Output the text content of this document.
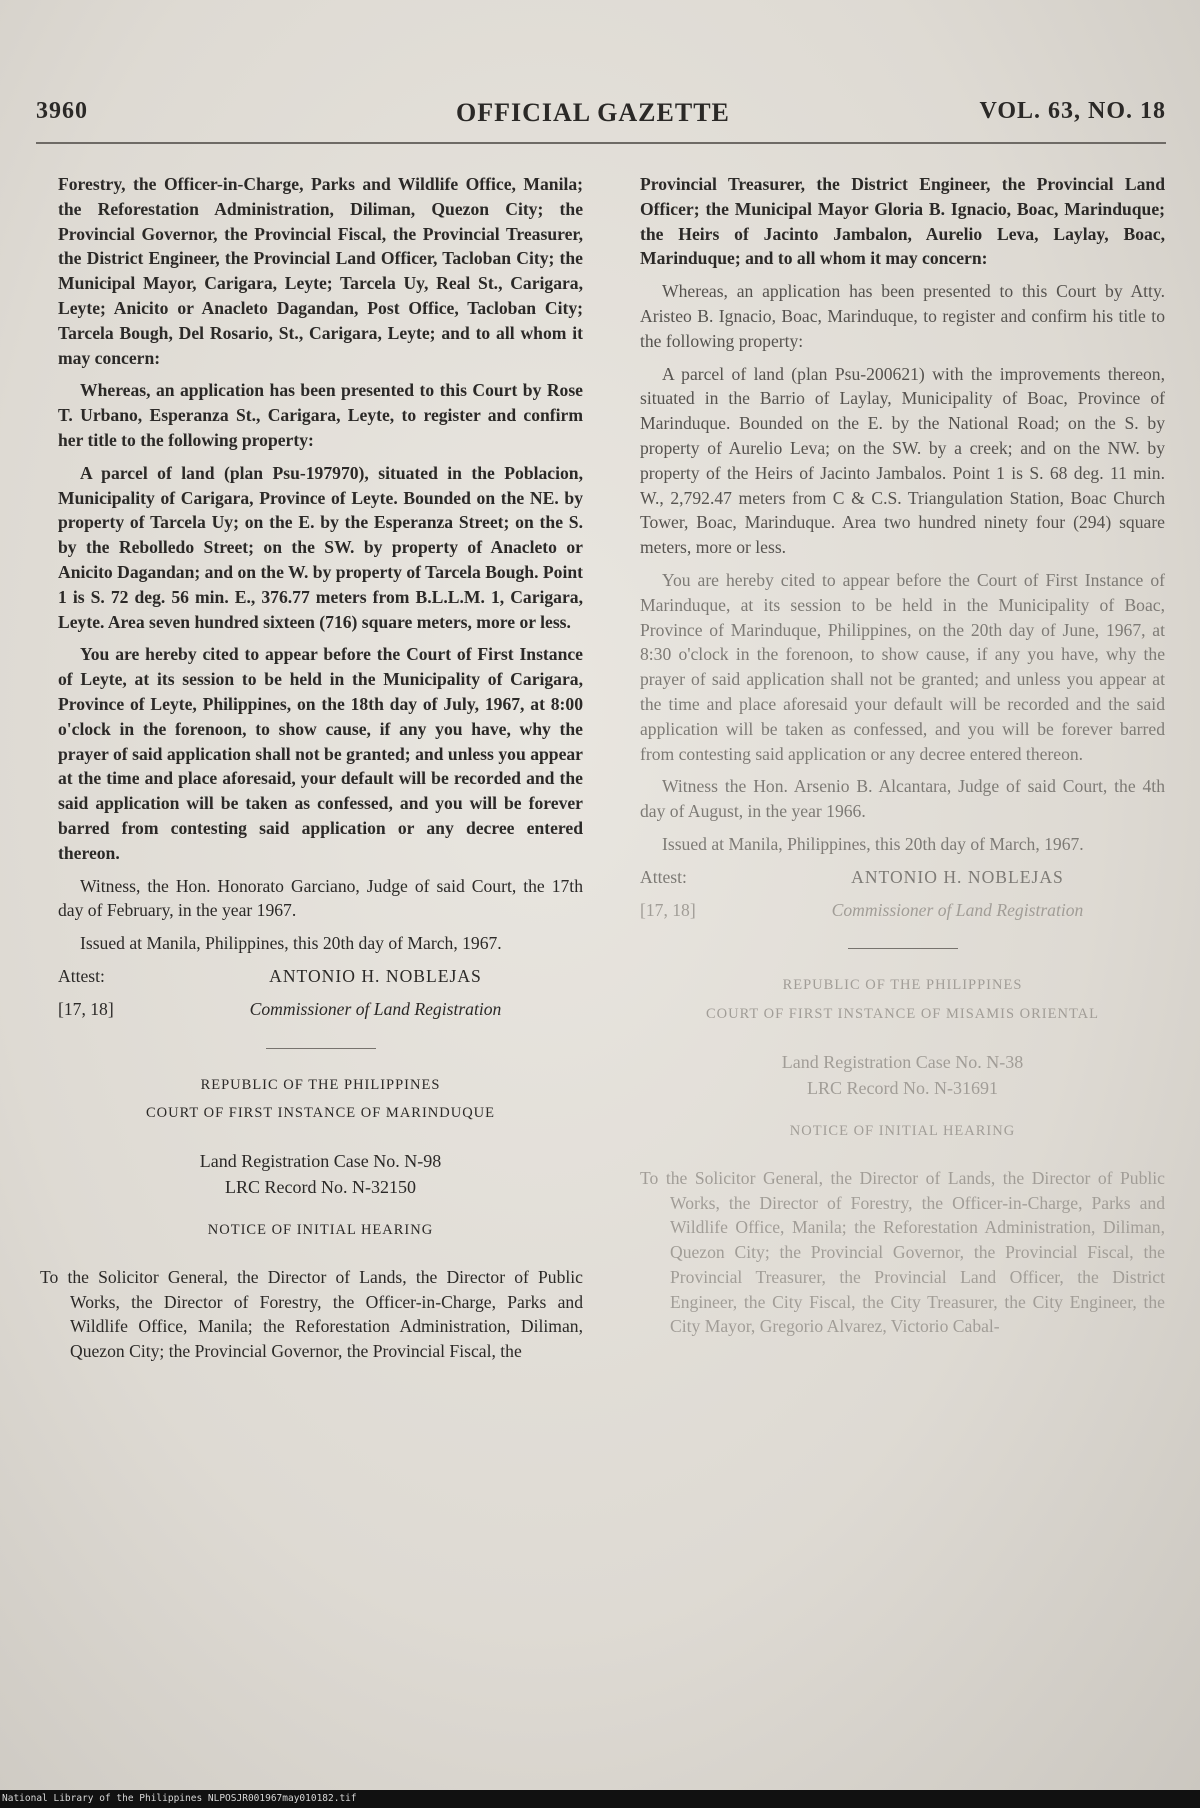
3960	OFFICIAL GAZETTE	VOL. 63, NO. 18

Forestry, the Officer-in-Charge, Parks and Wildlife Office, Manila; the Reforestation Administration, Diliman, Quezon City; the Provincial Governor, the Provincial Fiscal, the Provincial Treasurer, the District Engineer, the Provincial Land Officer, Tacloban City; the Municipal Mayor, Carigara, Leyte; Tarcela Uy, Real St., Carigara, Leyte; Anicito or Anacleto Dagandan, Post Office, Tacloban City; Tarcela Bough, Del Rosario, St., Carigara, Leyte; and to all whom it may concern:

Whereas, an application has been presented to this Court by Rose T. Urbano, Esperanza St., Carigara, Leyte, to register and confirm her title to the following property:

A parcel of land (plan Psu-197970), situated in the Poblacion, Municipality of Carigara, Province of Leyte. Bounded on the NE. by property of Tarcela Uy; on the E. by the Esperanza Street; on the S. by the Rebolledo Street; on the SW. by property of Anacleto or Anicito Dagandan; and on the W. by property of Tarcela Bough. Point 1 is S. 72 deg. 56 min. E., 376.77 meters from B.L.L.M. 1, Carigara, Leyte. Area seven hundred sixteen (716) square meters, more or less.

You are hereby cited to appear before the Court of First Instance of Leyte, at its session to be held in the Municipality of Carigara, Province of Leyte, Philippines, on the 18th day of July, 1967, at 8:00 o'clock in the forenoon, to show cause, if any you have, why the prayer of said application shall not be granted; and unless you appear at the time and place aforesaid, your default will be recorded and the said application will be taken as confessed, and you will be forever barred from contesting said application or any decree entered thereon.

Witness, the Hon. Honorato Garciano, Judge of said Court, the 17th day of February, in the year 1967.

Issued at Manila, Philippines, this 20th day of March, 1967.

Attest:	ANTONIO H. NOBLEJAS
[17, 18]	Commissioner of Land Registration

REPUBLIC OF THE PHILIPPINES

COURT OF FIRST INSTANCE OF MARINDUQUE

Land Registration Case No. N-98

LRC Record No. N-32150

NOTICE OF INITIAL HEARING

To the Solicitor General, the Director of Lands, the Director of Public Works, the Director of Forestry, the Officer-in-Charge, Parks and Wildlife Office, Manila; the Reforestation Administration, Diliman, Quezon City; the Provincial Governor, the Provincial Fiscal, the

Provincial Treasurer, the District Engineer, the Provincial Land Officer; the Municipal Mayor Gloria B. Ignacio, Boac, Marinduque; the Heirs of Jacinto Jambalon, Aurelio Leva, Laylay, Boac, Marinduque; and to all whom it may concern:

Whereas, an application has been presented to this Court by Atty. Aristeo B. Ignacio, Boac, Marinduque, to register and confirm his title to the following property:

A parcel of land (plan Psu-200621) with the improvements thereon, situated in the Barrio of Laylay, Municipality of Boac, Province of Marinduque. Bounded on the E. by the National Road; on the S. by property of Aurelio Leva; on the SW. by a creek; and on the NW. by property of the Heirs of Jacinto Jambalos. Point 1 is S. 68 deg. 11 min. W., 2,792.47 meters from C & C.S. Triangulation Station, Boac Church Tower, Boac, Marinduque. Area two hundred ninety four (294) square meters, more or less.

You are hereby cited to appear before the Court of First Instance of Marinduque, at its session to be held in the Municipality of Boac, Province of Marinduque, Philippines, on the 20th day of June, 1967, at 8:30 o'clock in the forenoon, to show cause, if any you have, why the prayer of said application shall not be granted; and unless you appear at the time and place aforesaid your default will be recorded and the said application will be taken as confessed, and you will be forever barred from contesting said application or any decree entered thereon.

Witness the Hon. Arsenio B. Alcantara, Judge of said Court, the 4th day of August, in the year 1966.

Issued at Manila, Philippines, this 20th day of March, 1967.

Attest:	ANTONIO H. NOBLEJAS
[17, 18]	Commissioner of Land Registration

REPUBLIC OF THE PHILIPPINES

COURT OF FIRST INSTANCE OF MISAMIS ORIENTAL

Land Registration Case No. N-38

LRC Record No. N-31691

NOTICE OF INITIAL HEARING

To the Solicitor General, the Director of Lands, the Director of Public Works, the Director of Forestry, the Officer-in-Charge, Parks and Wildlife Office, Manila; the Reforestation Administration, Diliman, Quezon City; the Provincial Governor, the Provincial Fiscal, the Provincial Treasurer, the Provincial Land Officer, the District Engineer, the City Fiscal, the City Treasurer, the City Engineer, the City Mayor, Gregorio Alvarez, Victorio Cabal-

National Library of the Philippines NLPOSJR001967may010182.tif
